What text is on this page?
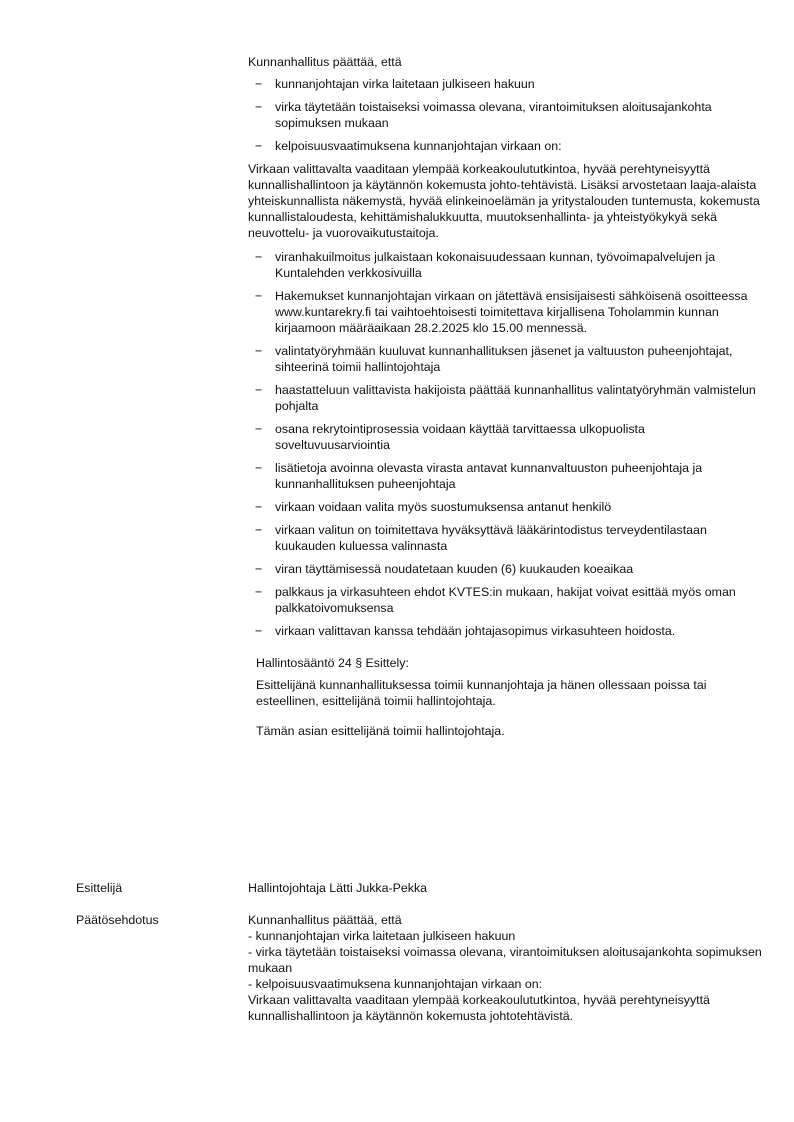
Kunnanhallitus päättää, että

− kunnanjohtajan virka laitetaan julkiseen hakuun
− virka täytetään toistaiseksi voimassa olevana, virantoimituksen aloitusajankohta sopimuksen mukaan
− kelpoisuusvaatimuksena kunnanjohtajan virkaan on:

Virkaan valittavalta vaaditaan ylempää korkeakoulututkintoa, hyvää perehtyneisyyttä kunnallishallintoon ja käytännön kokemusta johto-tehtävistä. Lisäksi arvostetaan laaja-alaista yhteiskunnallista näkemystä, hyvää elinkeinoelämän ja yritystalouden tuntemusta, kokemusta kunnallistaloudesta, kehittämishalukkuutta, muutoksenhallinta- ja yhteistyökykyä sekä neuvottelu- ja vuorovaikutustaitoja.

− viranhakuilmoitus julkaistaan kokonaisuudessaan kunnan, työvoimapalvelujen ja Kuntalehden verkkosivuilla
− Hakemukset kunnanjohtajan virkaan on jätettävä ensisijaisesti sähköisenä osoitteessa www.kuntarekry.fi tai vaihtoehtoisesti toimitettava kirjallisena Toholammin kunnan kirjaamoon määräaikaan 28.2.2025 klo 15.00 mennessä.
− valintatyöryhmään kuuluvat kunnanhallituksen jäsenet ja valtuuston puheenjohtajat, sihteerinä toimii hallintojohtaja
− haastatteluun valittavista hakijoista päättää kunnanhallitus valintatyöryhmän valmistelun pohjalta
− osana rekrytointiprosessia voidaan käyttää tarvittaessa ulkopuolista soveltuvuusarviointia
− lisätietoja avoinna olevasta virasta antavat kunnanvaltuuston puheenjohtaja ja kunnanhallituksen puheenjohtaja
− virkaan voidaan valita myös suostumuksensa antanut henkilö
− virkaan valitun on toimitettava hyväksyttävä lääkärintodistus terveydentilastaan kuukauden kuluessa valinnasta
− viran täyttämisessä noudatetaan kuuden (6) kuukauden koeaikaa
− palkkaus ja virkasuhteen ehdot KVTES:in mukaan, hakijat voivat esittää myös oman palkkatoivomuksensa
− virkaan valittavan kanssa tehdään johtajasopimus virkasuhteen hoidosta.

Hallintosääntö 24 § Esittely:

Esittelijänä kunnanhallituksessa toimii kunnanjohtaja ja hänen ollessaan poissa tai esteellinen, esittelijänä toimii hallintojohtaja.

Tämän asian esittelijänä toimii hallintojohtaja.

Esittelijä	Hallintojohtaja Lätti Jukka-Pekka
Päätösehdotus	Kunnanhallitus päättää, että

- kunnanjohtajan virka laitetaan julkiseen hakuun

- virka täytetään toistaiseksi voimassa olevana, virantoimituksen aloitusajankohta sopimuksen mukaan

- kelpoisuusvaatimuksena kunnanjohtajan virkaan on:

Virkaan valittavalta vaaditaan ylempää korkeakoulututkintoa, hyvää perehtyneisyyttä kunnallishallintoon ja käytännön kokemusta johtotehtävistä.
